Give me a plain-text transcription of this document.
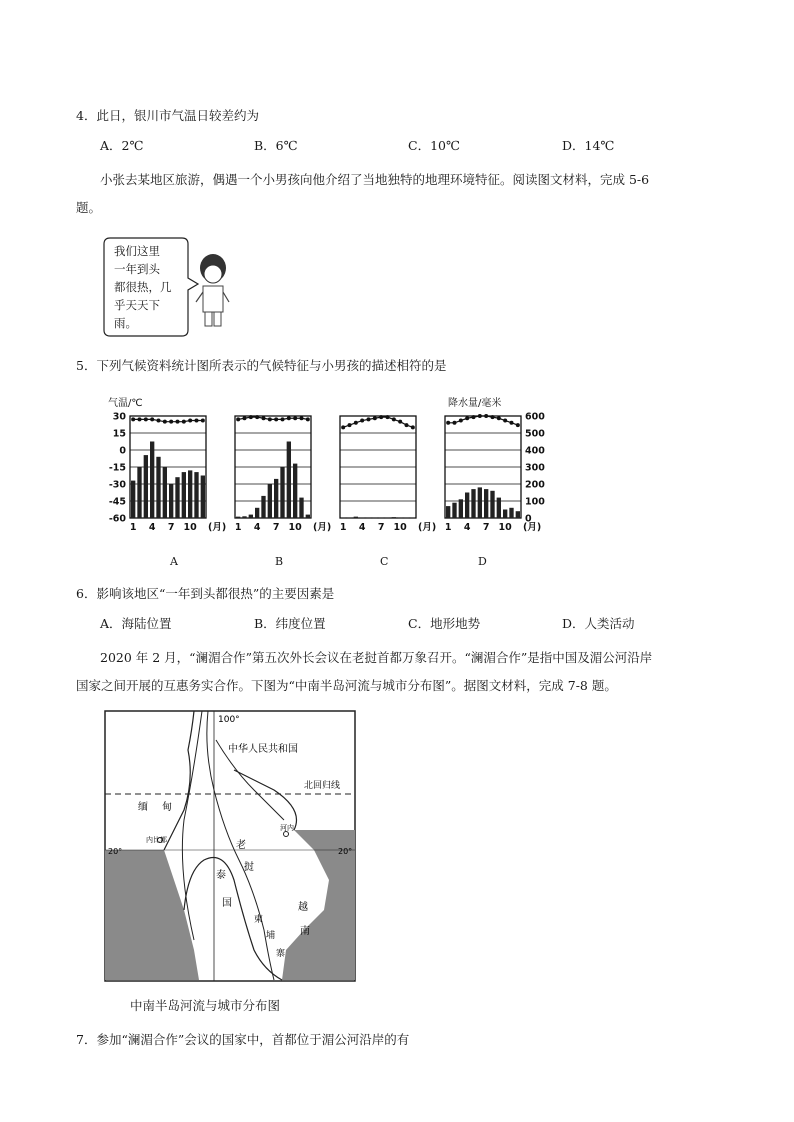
4．此日，银川市气温日较差约为
A．2℃	B．6℃	C．10℃	D．14℃
小张去某地区旅游，偶遇一个小男孩向他介绍了当地独特的地理环境特征。阅读图文材料，完成 5-6
题。
我们这里
一年到头
都很热，几
乎天天下
雨。
5．下列气候资料统计图所表示的气候特征与小男孩的描述相符的是
气温/℃	降水量/毫米
30
15
0
-15
-30
-45
-60
600
500
400
300
200
100
0
1 4 7 10 (月) 1 4 7 10 (月) 1 4 7 10 (月) 1 4 7 10 (月)
A	B	C	D
6．影响该地区“一年到头都很热”的主要因素是
A．海陆位置	B．纬度位置	C．地形地势	D．人类活动
2020 年 2 月，“澜湄合作”第五次外长会议在老挝首都万象召开。“澜湄合作”是指中国及湄公河沿岸
国家之间开展的互惠务实合作。下图为“中南半岛河流与城市分布图”。据图文材料，完成 7-8 题。
100°
20°	20°
中华人民共和国
北回归线
缅 甸
内比都	老
挝
泰
国
柬
埔
寨
越
南
河内
中南半岛河流与城市分布图
7．参加“澜湄合作”会议的国家中，首都位于湄公河沿岸的有
